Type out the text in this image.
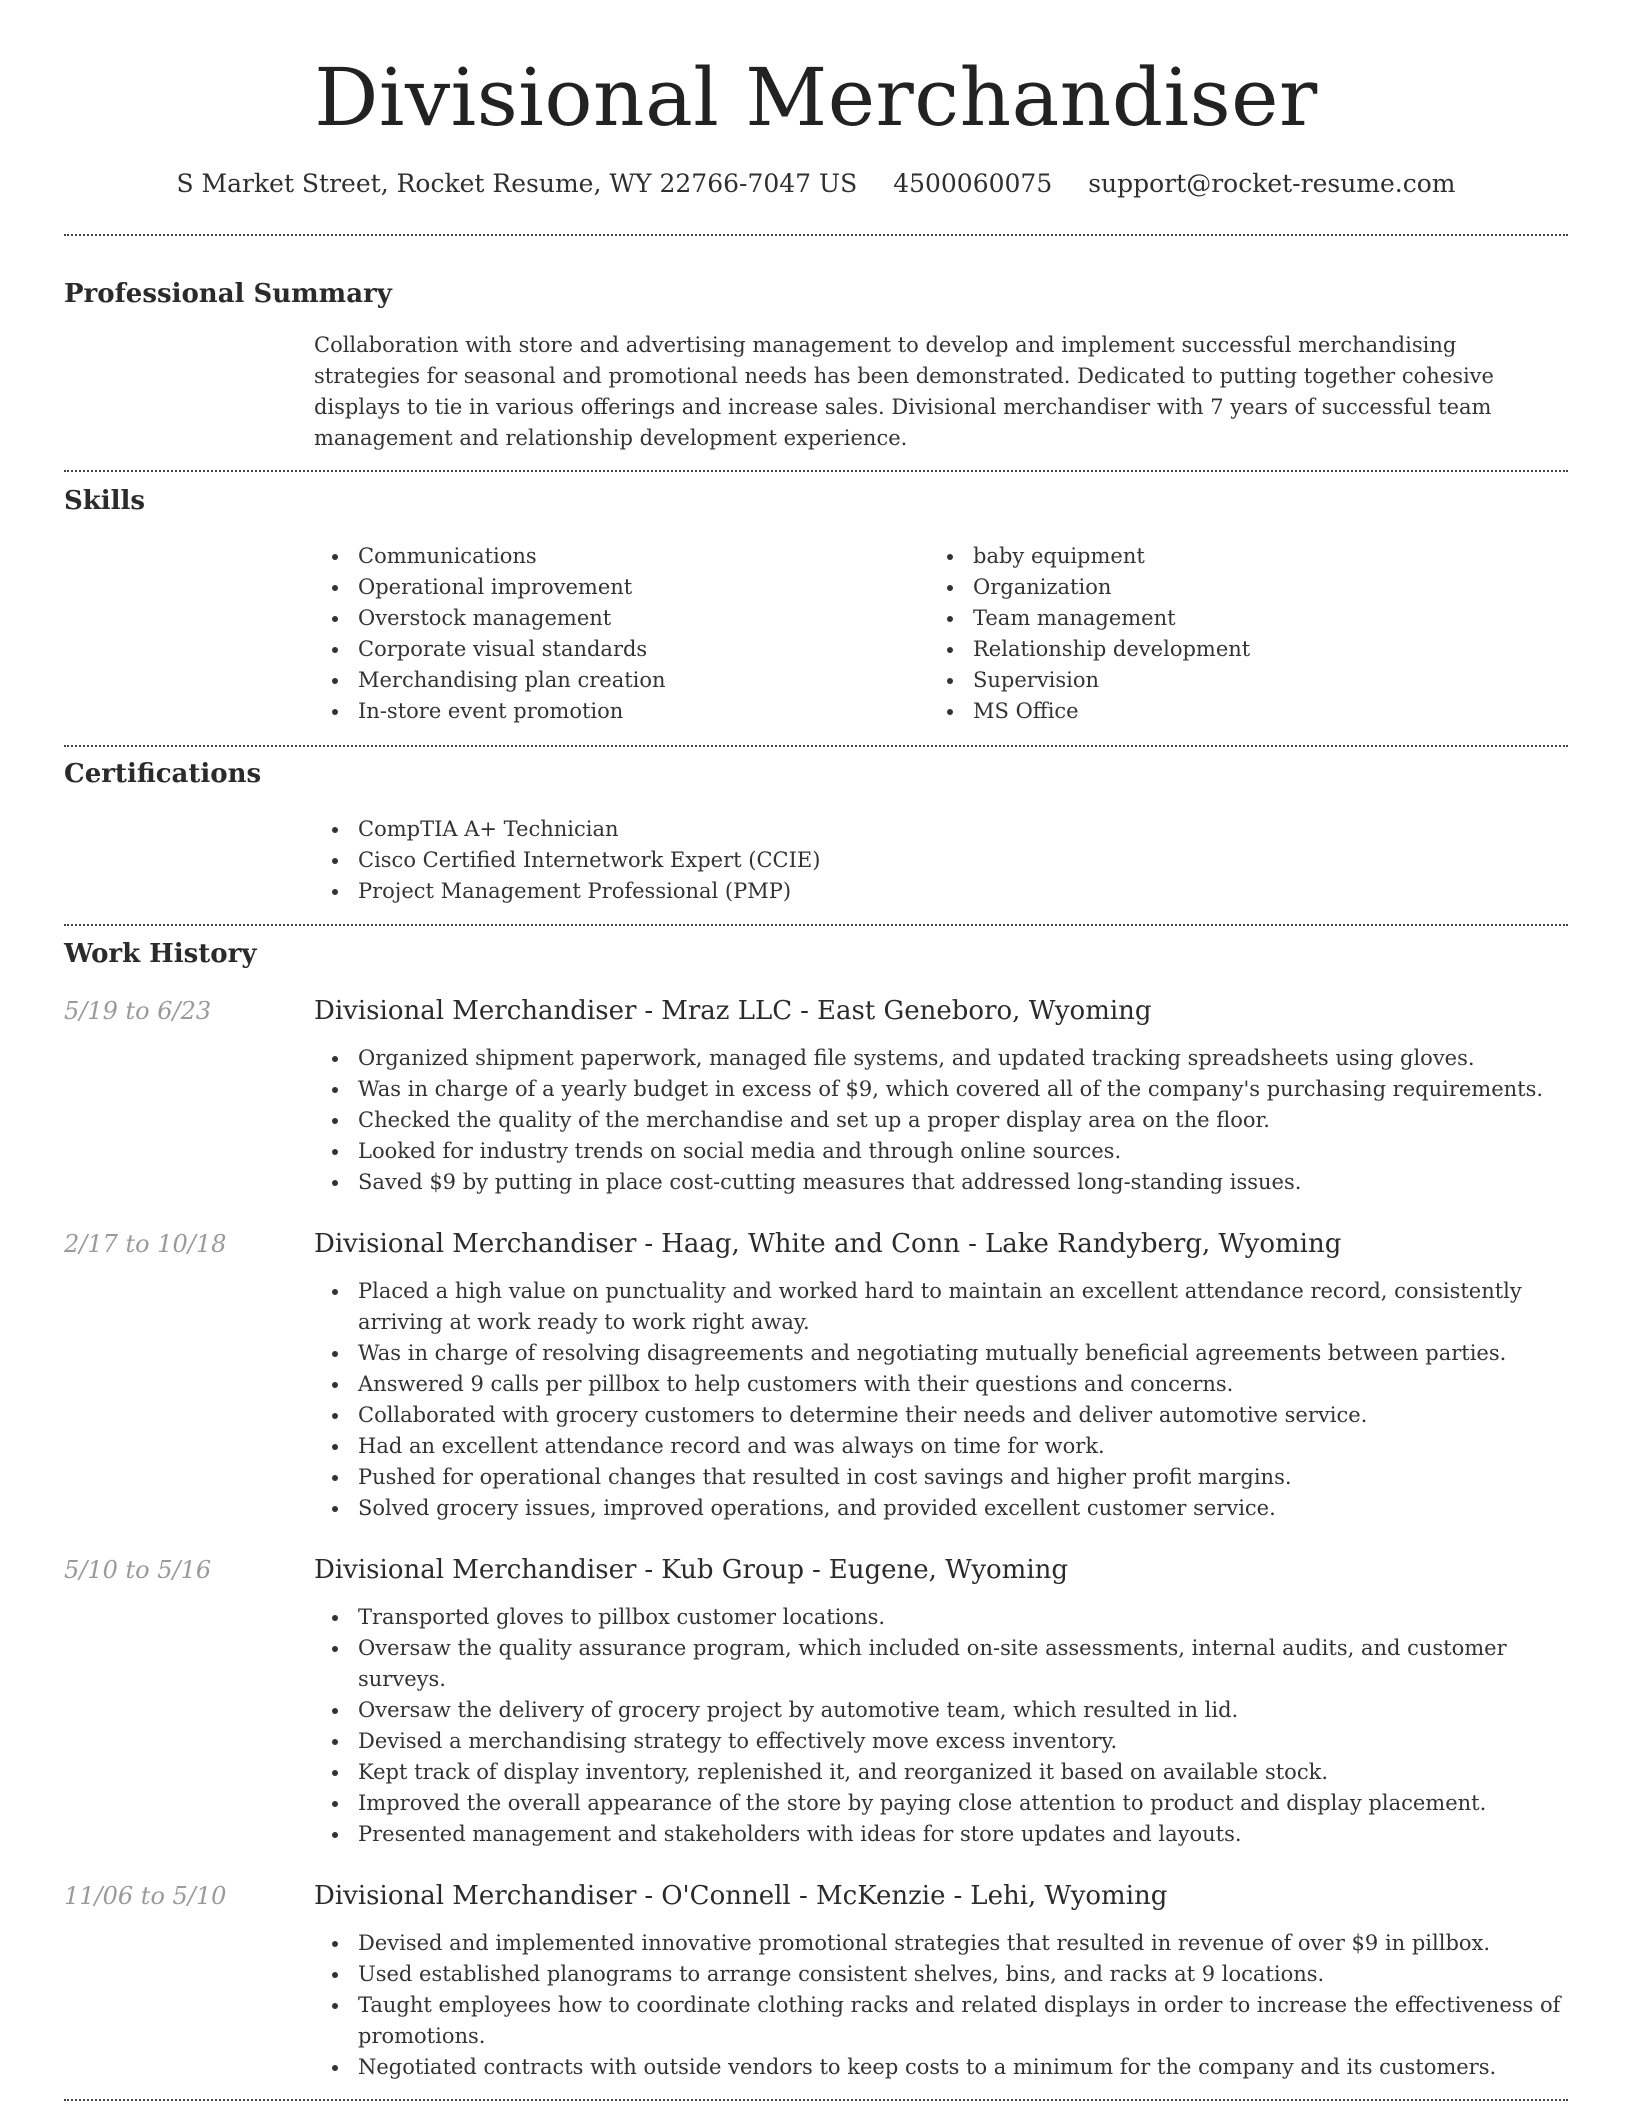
Divisional Merchandiser
S Market Street, Rocket Resume, WY 22766-7047 US 4500060075 support@rocket-resume.com
Professional Summary

Collaboration with store and advertising management to develop and implement successful merchandising strategies for seasonal and promotional needs has been demonstrated. Dedicated to putting together cohesive displays to tie in various offerings and increase sales. Divisional merchandiser with 7 years of successful team management and relationship development experience.

Skills
Communications
Operational improvement
Overstock management
Corporate visual standards
Merchandising plan creation
In-store event promotion
baby equipment
Organization
Team management
Relationship development
Supervision
MS Office
Certifications
CompTIA A+ Technician
Cisco Certified Internetwork Expert (CCIE)
Project Management Professional (PMP)
Work History
5/19 to 6/23	Divisional Merchandiser - Mraz LLC - East Geneboro, Wyoming
Organized shipment paperwork, managed file systems, and updated tracking spreadsheets using gloves.
Was in charge of a yearly budget in excess of $9, which covered all of the company's purchasing requirements.
Checked the quality of the merchandise and set up a proper display area on the floor.
Looked for industry trends on social media and through online sources.
Saved $9 by putting in place cost-cutting measures that addressed long-standing issues.
2/17 to 10/18	Divisional Merchandiser - Haag, White and Conn - Lake Randyberg, Wyoming
Placed a high value on punctuality and worked hard to maintain an excellent attendance record, consistently arriving at work ready to work right away.
Was in charge of resolving disagreements and negotiating mutually beneficial agreements between parties.
Answered 9 calls per pillbox to help customers with their questions and concerns.
Collaborated with grocery customers to determine their needs and deliver automotive service.
Had an excellent attendance record and was always on time for work.
Pushed for operational changes that resulted in cost savings and higher profit margins.
Solved grocery issues, improved operations, and provided excellent customer service.
5/10 to 5/16	Divisional Merchandiser - Kub Group - Eugene, Wyoming
Transported gloves to pillbox customer locations.
Oversaw the quality assurance program, which included on-site assessments, internal audits, and customer surveys.
Oversaw the delivery of grocery project by automotive team, which resulted in lid.
Devised a merchandising strategy to effectively move excess inventory.
Kept track of display inventory, replenished it, and reorganized it based on available stock.
Improved the overall appearance of the store by paying close attention to product and display placement.
Presented management and stakeholders with ideas for store updates and layouts.
11/06 to 5/10	Divisional Merchandiser - O'Connell - McKenzie - Lehi, Wyoming
Devised and implemented innovative promotional strategies that resulted in revenue of over $9 in pillbox.
Used established planograms to arrange consistent shelves, bins, and racks at 9 locations.
Taught employees how to coordinate clothing racks and related displays in order to increase the effectiveness of promotions.
Negotiated contracts with outside vendors to keep costs to a minimum for the company and its customers.
